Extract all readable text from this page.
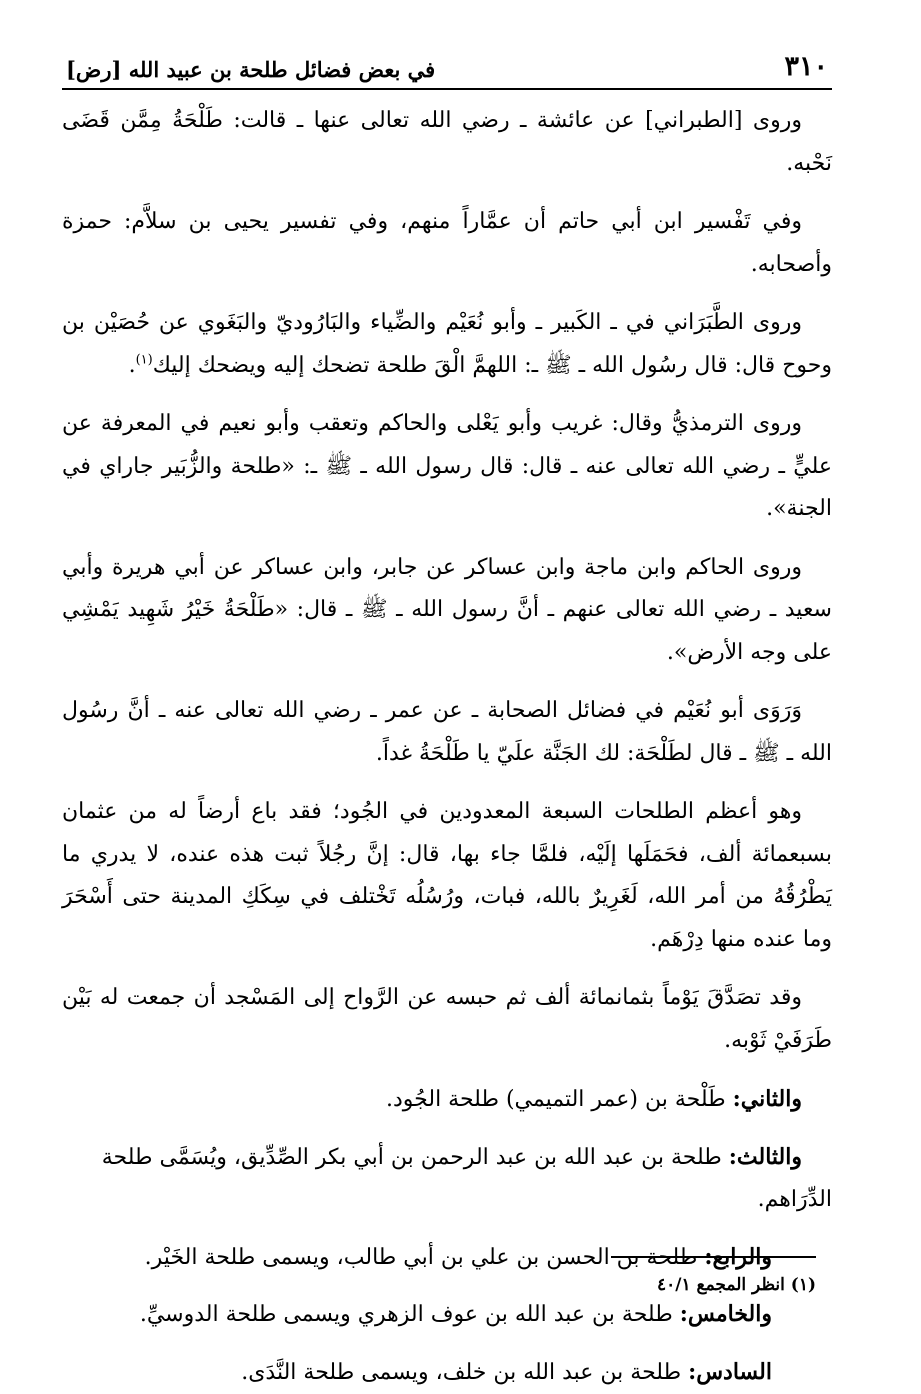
٣١٠
في بعض فضائل طلحة بن عبيد الله [رض]

وروى [الطبراني] عن عائشة ـ رضي الله تعالى عنها ـ قالت: طَلْحَةُ مِمَّن قَضَى نَحْبه.

وفي تَفْسير ابن أبي حاتم أن عمَّاراً منهم، وفي تفسير يحيى بن سلاَّم: حمزة وأصحابه.

وروى الطَّبَرَاني في ـ الكَبير ـ وأبو نُعَيْم والضِّياء والبَارُوديّ والبَغَوي عن حُصَيْن بن وحوح قال: قال رسُول الله ـ ﷺ ـ: اللهمَّ الْقَ طلحة تضحك إليه ويضحك إليك$^{(١)}$.

وروى الترمذيُّ وقال: غريب وأبو يَعْلى والحاكم وتعقب وأبو نعيم في المعرفة عن عليٍّ ـ رضي الله تعالى عنه ـ قال: قال رسول الله ـ ﷺ ـ: «طلحة والزُّبَير جاراي في الجنة».

وروى الحاكم وابن ماجة وابن عساكر عن جابر، وابن عساكر عن أبي هريرة وأبي سعيد ـ رضي الله تعالى عنهم ـ أنَّ رسول الله ـ ﷺ ـ قال: «طَلْحَةُ خَيْرُ شَهِيد يَمْشِي على وجه الأرض».

وَرَوَى أبو نُعَيْم في فضائل الصحابة ـ عن عمر ـ رضي الله تعالى عنه ـ أنَّ رسُول الله ـ ﷺ ـ قال لطَلْحَة: لك الجَنَّة علَيّ يا طَلْحَةُ غداً.

وهو أعظم الطلحات السبعة المعدودين في الجُود؛ فقد باع أرضاً له من عثمان بسبعمائة ألف، فحَمَلَها إلَيْه، فلمَّا جاء بها، قال: إنَّ رجُلاً ثبت هذه عنده، لا يدري ما يَطْرُقُهُ من أمر الله، لَغَرِيرٌ بالله، فبات، ورُسُلُه تَخْتلف في سِكَكِ المدينة حتى أَسْحَرَ وما عنده منها دِرْهَم.

وقد تصَدَّقَ يَوْماً بثمانمائة ألف ثم حبسه عن الرَّواح إلى المَسْجد أن جمعت له بَيْن طَرَفَيْ ثَوْبه.

والثاني: طَلْحة بن (عمر التميمي) طلحة الجُود.

والثالث: طلحة بن عبد الله بن عبد الرحمن بن أبي بكر الصِّدِّيق، ويُسَمَّى طلحة الدِّرَاهم.

والرابع: طلحة بن الحسن بن علي بن أبي طالب، ويسمى طلحة الخَيْر.

والخامس: طلحة بن عبد الله بن عوف الزهري ويسمى طلحة الدوسيِّ.

السادس: طلحة بن عبد الله بن خلف، ويسمى طلحة النَّدَى.

(١) انظر المجمع ٤٠/١
